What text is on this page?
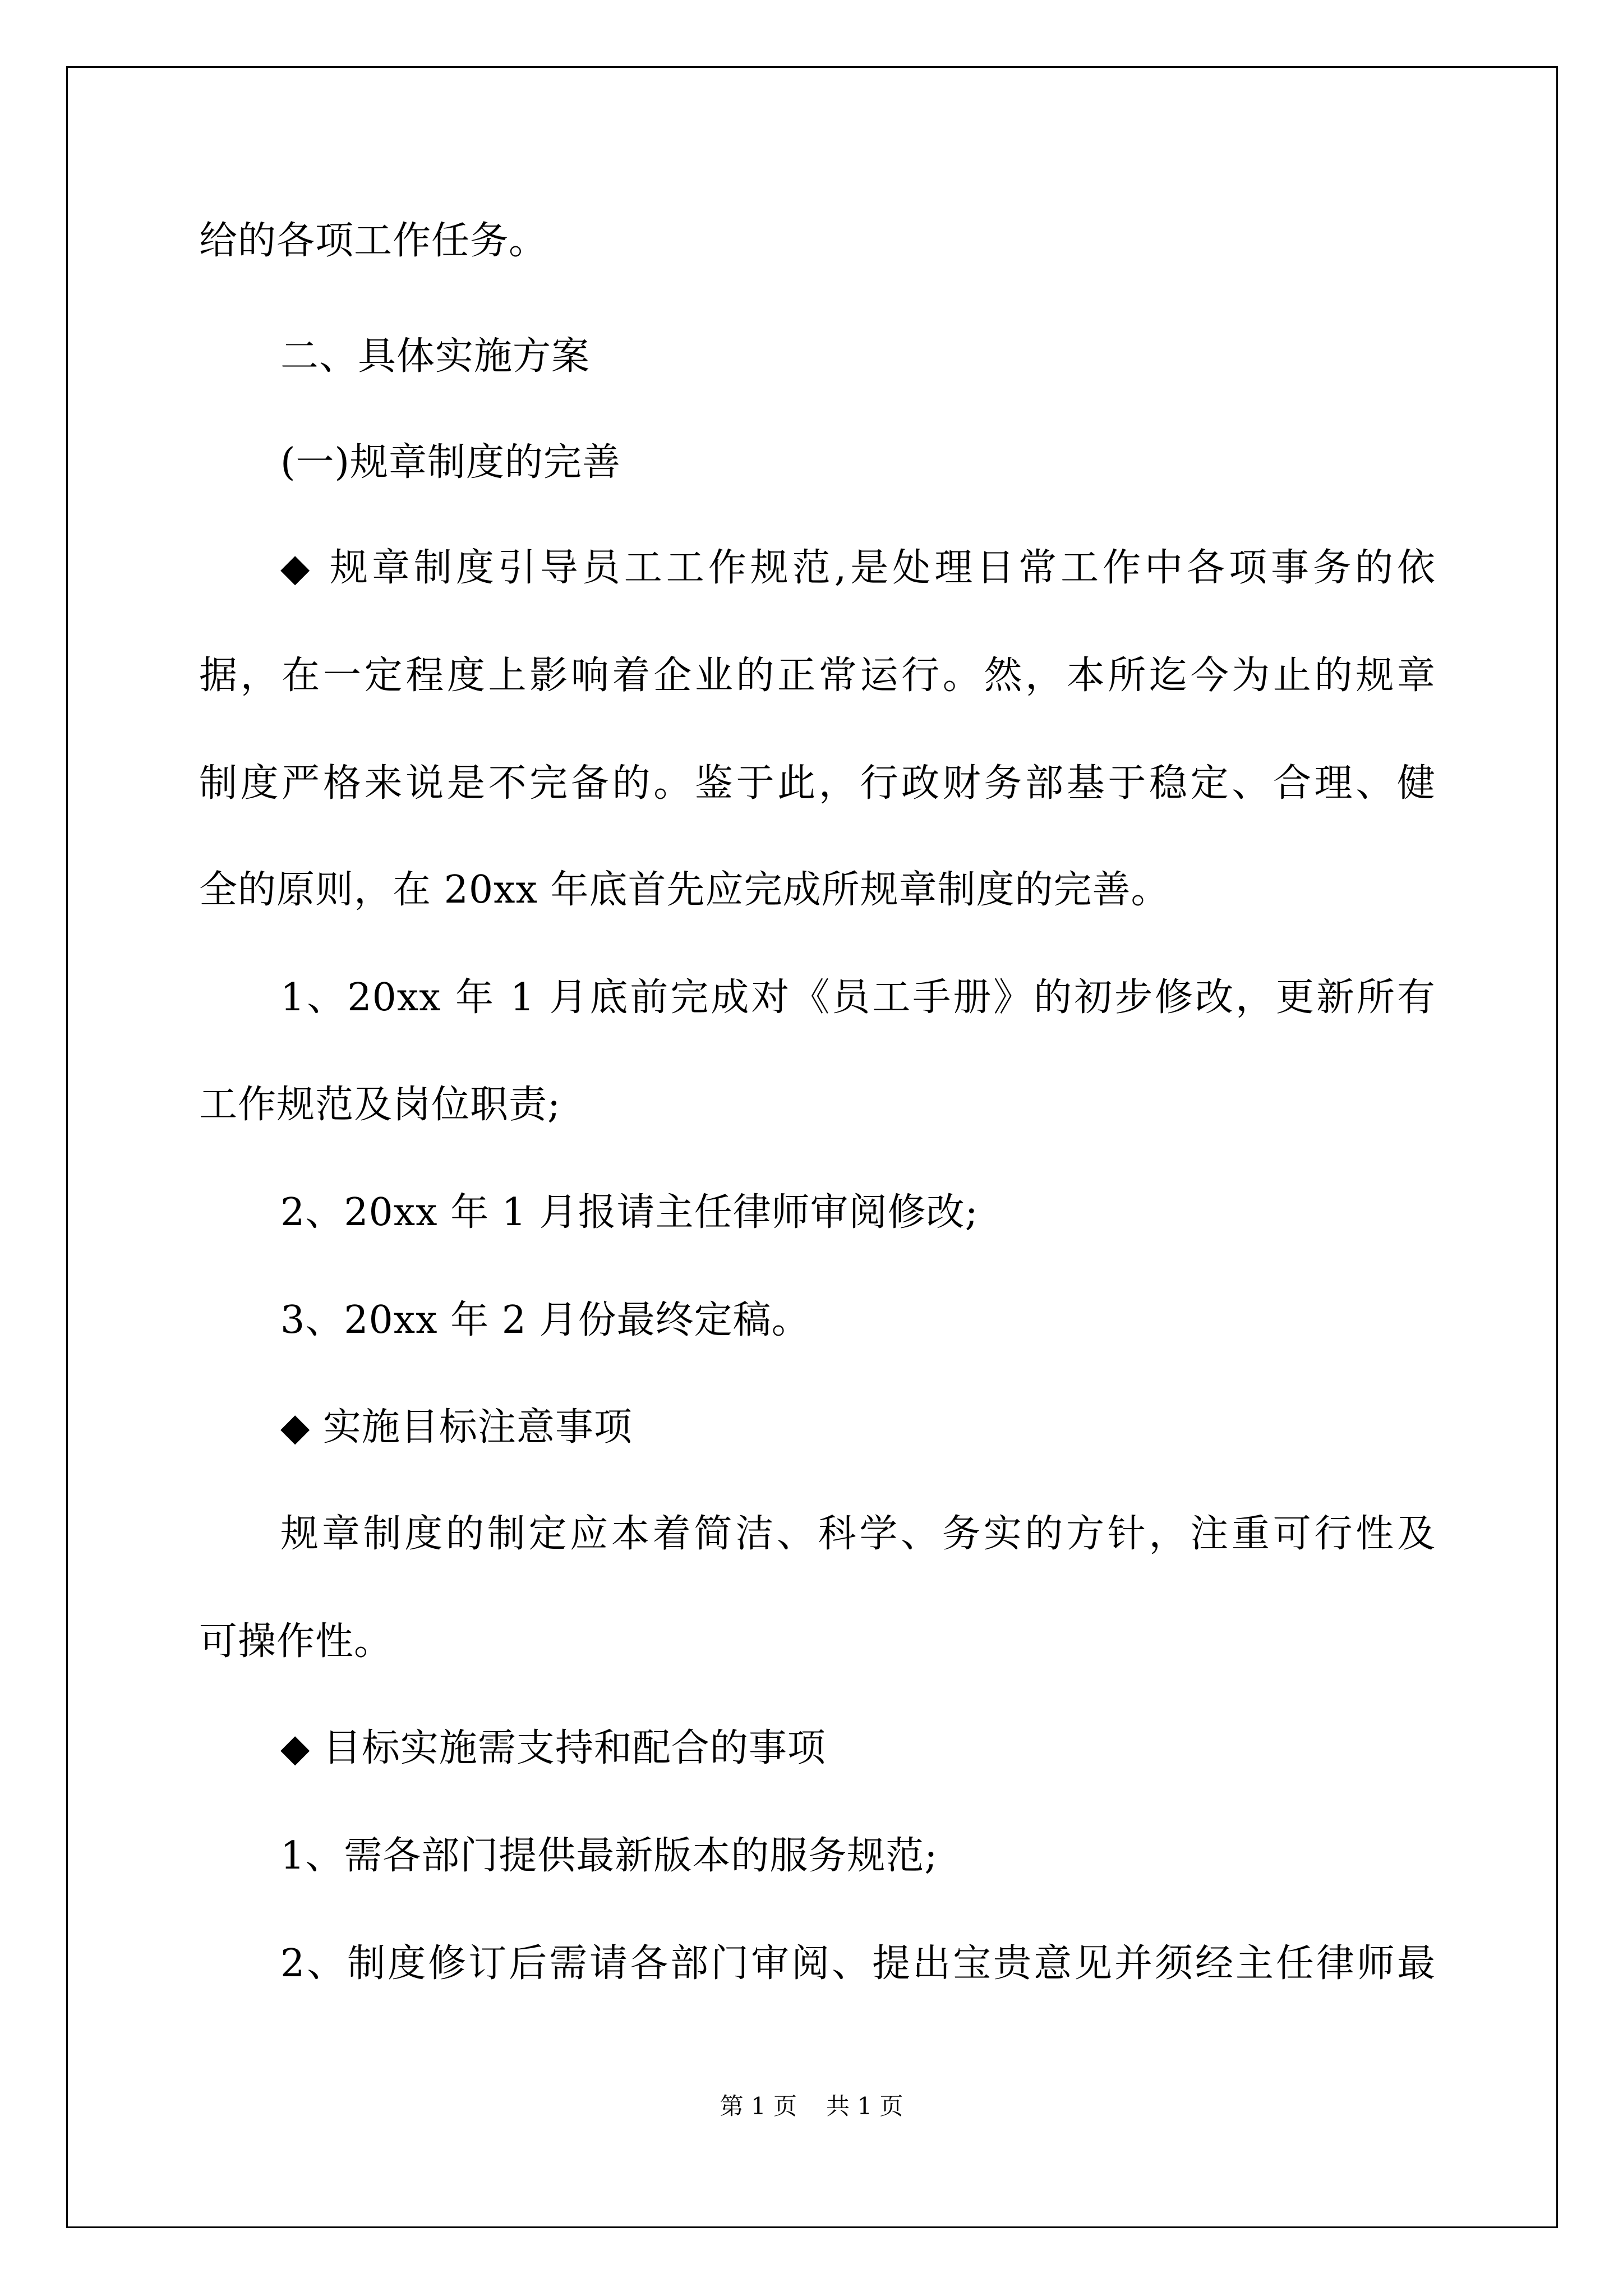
给的各项工作任务。
二、具体实施方案
(一)规章制度的完善
◆ 规章制度引导员工工作规范,是处理日常工作中各项事务的依
据，在一定程度上影响着企业的正常运行。然，本所迄今为止的规章
制度严格来说是不完备的。鉴于此，行政财务部基于稳定、合理、健
全的原则，在 20xx 年底首先应完成所规章制度的完善。
1、20xx 年 1 月底前完成对《员工手册》的初步修改，更新所有
工作规范及岗位职责;
2、20xx 年 1 月报请主任律师审阅修改;
3、20xx 年 2 月份最终定稿。
◆ 实施目标注意事项
规章制度的制定应本着简洁、科学、务实的方针，注重可行性及
可操作性。
◆ 目标实施需支持和配合的事项
1、需各部门提供最新版本的服务规范;
2、制度修订后需请各部门审阅、提出宝贵意见并须经主任律师最
第 1 页 共 1 页
